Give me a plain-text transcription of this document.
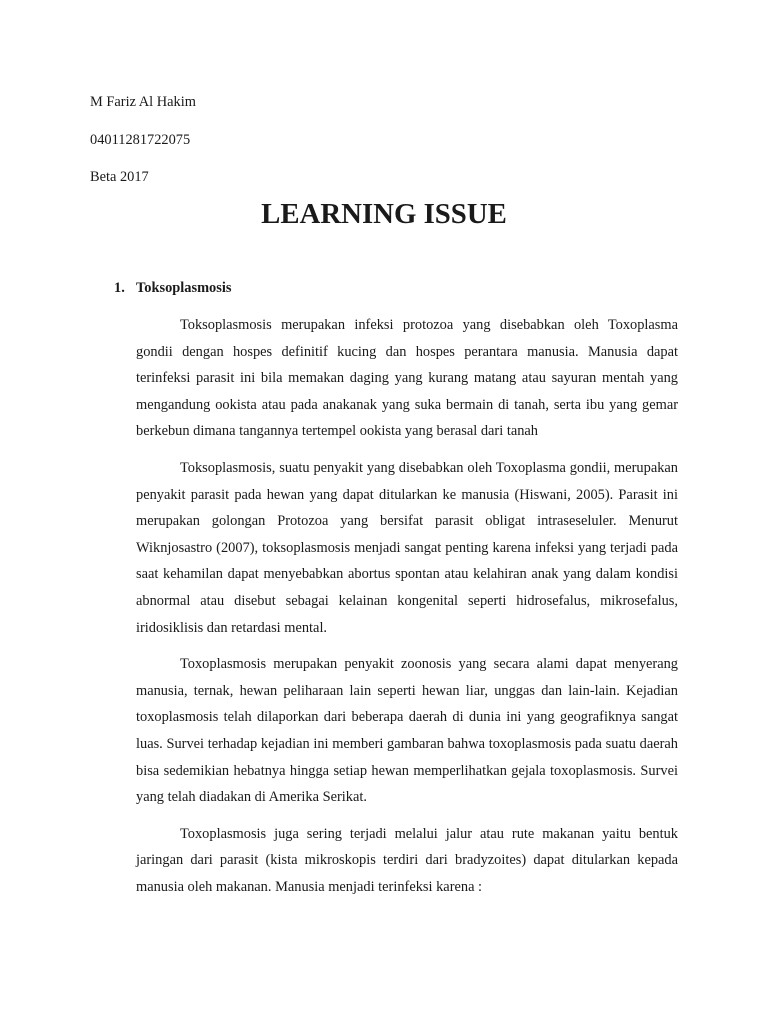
M Fariz Al Hakim

04011281722075

Beta 2017

LEARNING ISSUE
1. Toksoplasmosis

Toksoplasmosis merupakan infeksi protozoa yang disebabkan oleh Toxoplasma gondii dengan hospes definitif kucing dan hospes perantara manusia. Manusia dapat terinfeksi parasit ini bila memakan daging yang kurang matang atau sayuran mentah yang mengandung ookista atau pada anakanak yang suka bermain di tanah, serta ibu yang gemar berkebun dimana tangannya tertempel ookista yang berasal dari tanah

Toksoplasmosis, suatu penyakit yang disebabkan oleh Toxoplasma gondii, merupakan penyakit parasit pada hewan yang dapat ditularkan ke manusia (Hiswani, 2005). Parasit ini merupakan golongan Protozoa yang bersifat parasit obligat intraseseluler. Menurut Wiknjosastro (2007), toksoplasmosis menjadi sangat penting karena infeksi yang terjadi pada saat kehamilan dapat menyebabkan abortus spontan atau kelahiran anak yang dalam kondisi abnormal atau disebut sebagai kelainan kongenital seperti hidrosefalus, mikrosefalus, iridosiklisis dan retardasi mental.

Toxoplasmosis merupakan penyakit zoonosis yang secara alami dapat menyerang manusia, ternak, hewan peliharaan lain seperti hewan liar, unggas dan lain-lain. Kejadian toxoplasmosis telah dilaporkan dari beberapa daerah di dunia ini yang geografiknya sangat luas. Survei terhadap kejadian ini memberi gambaran bahwa toxoplasmosis pada suatu daerah bisa sedemikian hebatnya hingga setiap hewan memperlihatkan gejala toxoplasmosis. Survei yang telah diadakan di Amerika Serikat.

Toxoplasmosis juga sering terjadi melalui jalur atau rute makanan yaitu bentuk jaringan dari parasit (kista mikroskopis terdiri dari bradyzoites) dapat ditularkan kepada manusia oleh makanan. Manusia menjadi terinfeksi karena :
